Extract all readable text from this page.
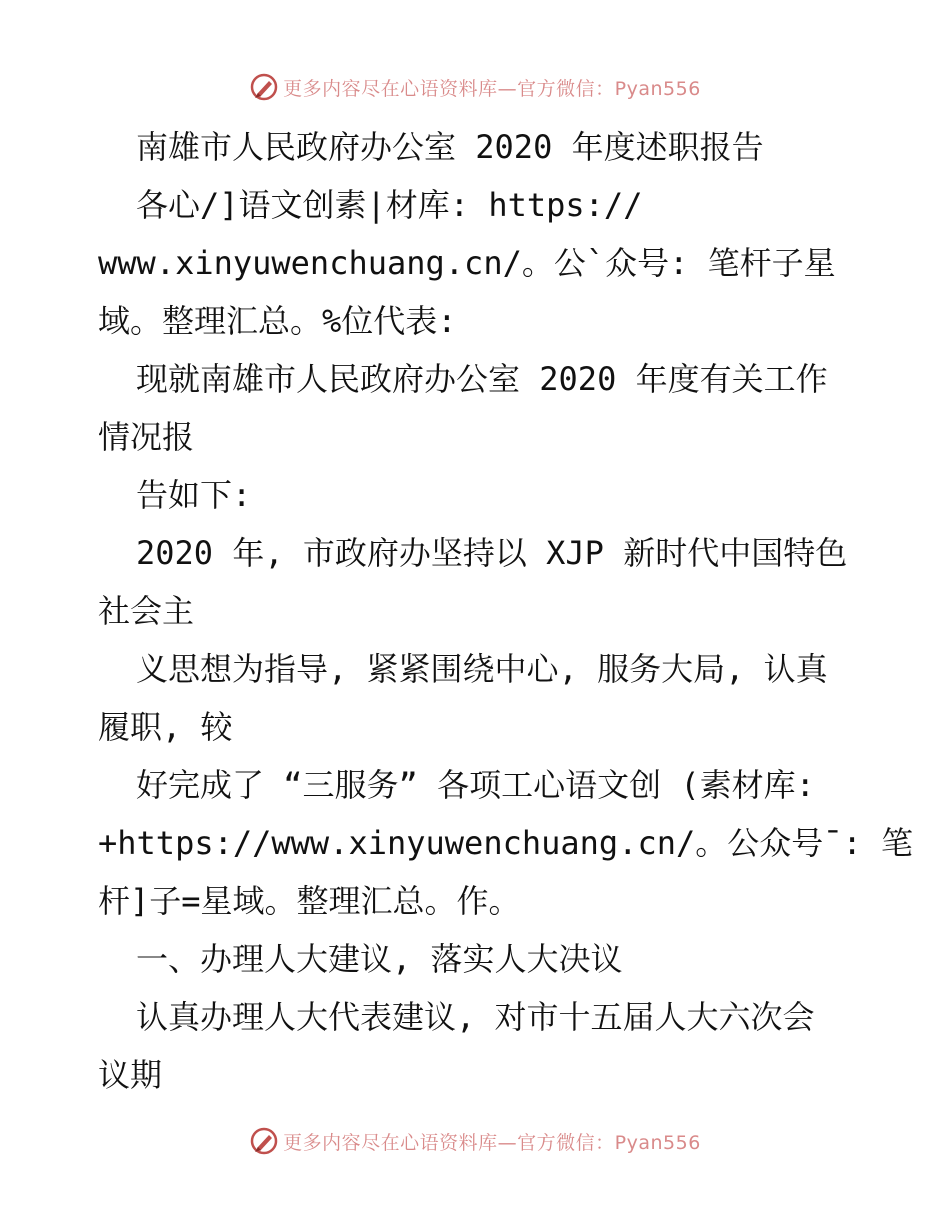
更多内容尽在心语资料库—官方微信：Pyan556
南雄市人民政府办公室 2020 年度述职报告
各心/]语文创素|材库: https://
www.xinyuwenchuang.cn/。公`众号: 笔杆子星
域。整理汇总。%位代表:
现就南雄市人民政府办公室 2020 年度有关工作
情况报
告如下:
2020 年, 市政府办坚持以 XJP 新时代中国特色
社会主
义思想为指导, 紧紧围绕中心, 服务大局, 认真
履职, 较
好完成了 “三服务” 各项工心语文创 (素材库:
+https://www.xinyuwenchuang.cn/。公众号¯: 笔
杆]子=星域。整理汇总。作。
一、办理人大建议, 落实人大决议
认真办理人大代表建议, 对市十五届人大六次会
议期
更多内容尽在心语资料库—官方微信：Pyan556
